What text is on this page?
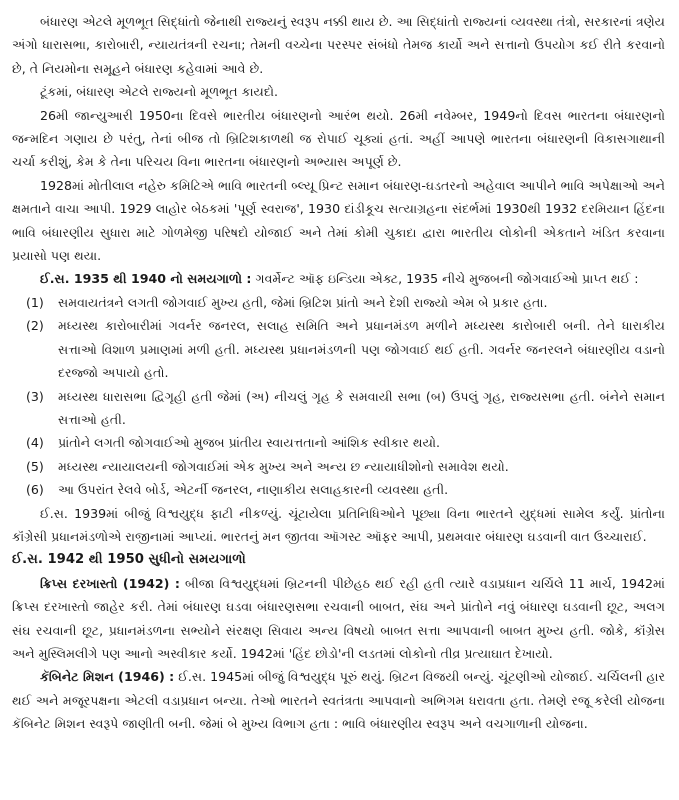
બંધારણ એટલે મૂળભૂત સિદ્ધાંતો જેનાથી રાજ્યનું સ્વરૂપ નક્કી થાય છે. આ સિદ્ધાંતો રાજ્યનાં વ્યવસ્થા તંત્રો, સરકારનાં ત્રણેય અંગો ધારાસભા, કારોબારી, ન્યાયતંત્રની રચના; તેમની વચ્ચેના પરસ્પર સંબંધો તેમજ કાર્યો અને સત્તાનો ઉપયોગ કઈ રીતે કરવાનો છે, તે નિયમોના સમૂહને બંધારણ કહેવામાં આવે છે.

ટૂંકમાં, બંધારણ એટલે રાજ્યનો મૂળભૂત કાયદો.

26મી જાન્યુઆરી 1950ના દિવસે ભારતીય બંધારણનો આરંભ થયો. 26મી નવેમ્બર, 1949નો દિવસ ભારતના બંધારણનો જન્મદિન ગણાય છે પરંતુ, તેનાં બીજ તો બ્રિટિશકાળથી જ રોપાઈ ચૂક્યાં હતાં. અહીં આપણે ભારતના બંધારણની વિકાસગાથાની ચર્ચા કરીશું, કેમ કે તેના પરિચય વિના ભારતના બંધારણનો અભ્યાસ અપૂર્ણ છે.

1928માં મોતીલાલ નહેરુ કમિટિએ ભાવિ ભારતની બ્લ્યૂ પ્રિન્ટ સમાન બંધારણ-ઘડતરનો અહેવાલ આપીને ભાવિ અપેક્ષાઓ અને ક્ષમતાને વાચા આપી. 1929 લાહોર બેઠકમાં 'પૂર્ણ સ્વરાજ', 1930 દાંડીકૂચ સત્યાગ્રહના સંદર્ભમાં 1930થી 1932 દરમિયાન હિંદના ભાવિ બંધારણીય સુધારા માટે ગોળમેજી પરિષદો યોજાઈ અને તેમાં કોમી ચુકાદા દ્વારા ભારતીય લોકોની એકતાને ખંડિત કરવાના પ્રયાસો પણ થયા.

ઈ.સ. 1935 થી 1940 નો સમયગાળો : ગવર્મેન્ટ ઑફ ઇન્ડિયા એક્ટ, 1935 નીચે મુજબની જોગવાઈઓ પ્રાપ્ત થઈ :

(1)	સમવાયતંત્રને લગતી જોગવાઈ મુખ્ય હતી, જેમાં બ્રિટિશ પ્રાંતો અને દેશી રાજ્યો એમ બે પ્રકાર હતા.
(2)	મધ્યસ્થ કારોબારીમાં ગવર્નર જનરલ, સલાહ સમિતિ અને પ્રધાનમંડળ મળીને મધ્યસ્થ કારોબારી બની. તેને ધારાકીય સત્તાઓ વિશાળ પ્રમાણમાં મળી હતી. મધ્યસ્થ પ્રધાનમંડળની પણ જોગવાઈ થઈ હતી. ગવર્નર જનરલને બંધારણીય વડાનો દરજ્જો અપાયો હતો.
(3)	મધ્યસ્થ ધારાસભા દ્વિગૃહી હતી જેમાં (અ) નીચલું ગૃહ કે સમવાયી સભા (બ) ઉપલું ગૃહ, રાજ્યસભા હતી. બંનેને સમાન સત્તાઓ હતી.
(4)	પ્રાંતોને લગતી જોગવાઈઓ મુજબ પ્રાંતીય સ્વાયત્તતાનો આંશિક સ્વીકાર થયો.
(5)	મધ્યસ્થ ન્યાયાલયની જોગવાઈમાં એક મુખ્ય અને અન્ય છ ન્યાયાધીશોનો સમાવેશ થયો.
(6)	આ ઉપરાંત રેલવે બોર્ડ, એટર્ની જનરલ, નાણાકીય સલાહકારની વ્યવસ્થા હતી.

ઈ.સ. 1939માં બીજું વિશ્વયુદ્ધ ફાટી નીકળ્યું. ચૂંટાયેલા પ્રતિનિધિઓને પૂછ્યા વિના ભારતને યુદ્ધમાં સામેલ કર્યું. પ્રાંતોના કૉંગ્રેસી પ્રધાનમંડળોએ રાજીનામાં આપ્યાં. ભારતનું મન જીતવા ઑગસ્ટ ઑફર આપી, પ્રથમવાર બંધારણ ઘડવાની વાત ઉચ્ચારાઈ.

ઈ.સ. 1942 થી 1950 સુધીનો સમયગાળો

ક્રિપ્સ દરખાસ્તો (1942) : બીજા વિશ્વયુદ્ધમાં બ્રિટનની પીછેહઠ થઈ રહી હતી ત્યારે વડાપ્રધાન ચર્ચિલે 11 માર્ચ, 1942માં ક્રિપ્સ દરખાસ્તો જાહેર કરી. તેમાં બંધારણ ઘડવા બંધારણસભા રચવાની બાબત, સંઘ અને પ્રાંતોને નવું બંધારણ ઘડવાની છૂટ, અલગ સંઘ રચવાની છૂટ, પ્રધાનમંડળના સભ્યોને સંરક્ષણ સિવાય અન્ય વિષયો બાબત સત્તા આપવાની બાબત મુખ્ય હતી. જોકે, કૉંગ્રેસ અને મુસ્લિમલીગે પણ આનો અસ્વીકાર કર્યો. 1942માં 'હિંદ છોડો'ની લડતમાં લોકોનો તીવ્ર પ્રત્યાઘાત દેખાયો.

કૅબિનેટ મિશન (1946) : ઈ.સ. 1945માં બીજું વિશ્વયુદ્ધ પૂરું થયું. બ્રિટન વિજયી બન્યું. ચૂંટણીઓ યોજાઈ. ચર્ચિલની હાર થઈ અને મજૂરપક્ષના એટલી વડાપ્રધાન બન્યા. તેઓ ભારતને સ્વતંત્રતા આપવાનો અભિગમ ધરાવતા હતા. તેમણે રજૂ કરેલી યોજના કૅબિનેટ મિશન સ્વરૂપે જાણીતી બની. જેમાં બે મુખ્ય વિભાગ હતા : ભાવિ બંધારણીય સ્વરૂપ અને વચગાળાની યોજના.
